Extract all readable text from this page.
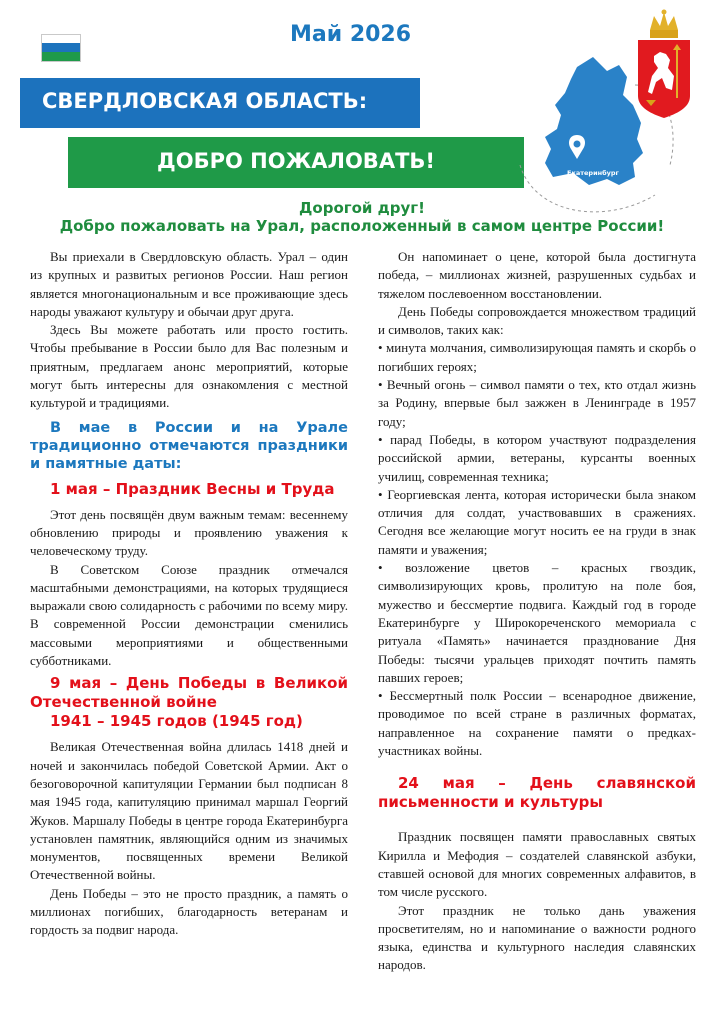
Май 2026
СВЕРДЛОВСКАЯ ОБЛАСТЬ:
ДОБРО ПОЖАЛОВАТЬ!	Екатеринбург
Дорогой друг!
Добро пожаловать на Урал, расположенный в самом центре России!

Вы приехали в Свердловскую область. Урал – один из крупных и развитых регионов России. Наш регион является многонациональным и все проживающие здесь народы уважают культуру и обычаи друг друга.

Здесь Вы можете работать или просто гостить. Чтобы пребывание в России было для Вас полезным и приятным, предлагаем анонс мероприятий, которые могут быть интересны для ознакомления с местной культурой и традициями.

В мае в России и на Урале традиционно отмечаются праздники и памятные даты:

1 мая – Праздник Весны и Труда

Этот день посвящён двум важным темам: весеннему обновлению природы и проявлению уважения к человеческому труду.

В Советском Союзе праздник отмечался масштабными демонстрациями, на которых трудящиеся выражали свою солидарность с рабочими по всему миру. В современной России демонстрации сменились массовыми мероприятиями и общественными субботниками.

9 мая – День Победы в Великой Отечественной войне

1941 – 1945 годов (1945 год)

Великая Отечественная война длилась 1418 дней и ночей и закончилась победой Советской Армии. Акт о безоговорочной капитуляции Германии был подписан 8 мая 1945 года, капитуляцию принимал маршал Георгий Жуков. Маршалу Победы в центре города Екатеринбурга установлен памятник, являющийся одним из значимых монументов, посвященных времени Великой Отечественной войны.

День Победы – это не просто праздник, а память о миллионах погибших, благодарность ветеранам и гордость за подвиг народа.

Он напоминает о цене, которой была достигнута победа, – миллионах жизней, разрушенных судьбах и тяжелом послевоенном восстановлении.

День Победы сопровождается множеством традиций и символов, таких как:

• минута молчания, символизирующая память и скорбь о погибших героях;

• Вечный огонь – символ памяти о тех, кто отдал жизнь за Родину, впервые был зажжен в Ленинграде в 1957 году;

• парад Победы, в котором участвуют подразделения российской армии, ветераны, курсанты военных училищ, современная техника;

• Георгиевская лента, которая исторически была знаком отличия для солдат, участвовавших в сражениях. Сегодня все желающие могут носить ее на груди в знак памяти и уважения;

• возложение цветов – красных гвоздик, символизирующих кровь, пролитую на поле боя, мужество и бессмертие подвига. Каждый год в городе Екатеринбурге у Широкореченского мемориала с ритуала «Память» начинается празднование Дня Победы: тысячи уральцев приходят почтить память павших героев;

• Бессмертный полк России – всенародное движение, проводимое по всей стране в различных форматах, направленное на сохранение памяти о предках-участниках войны.

24 мая – День славянской письменности и культуры

Праздник посвящен памяти православных святых Кирилла и Мефодия – создателей славянской азбуки, ставшей основой для многих современных алфавитов, в том числе русского.

Этот праздник не только дань уважения просветителям, но и напоминание о важности родного языка, единства и культурного наследия славянских народов.
